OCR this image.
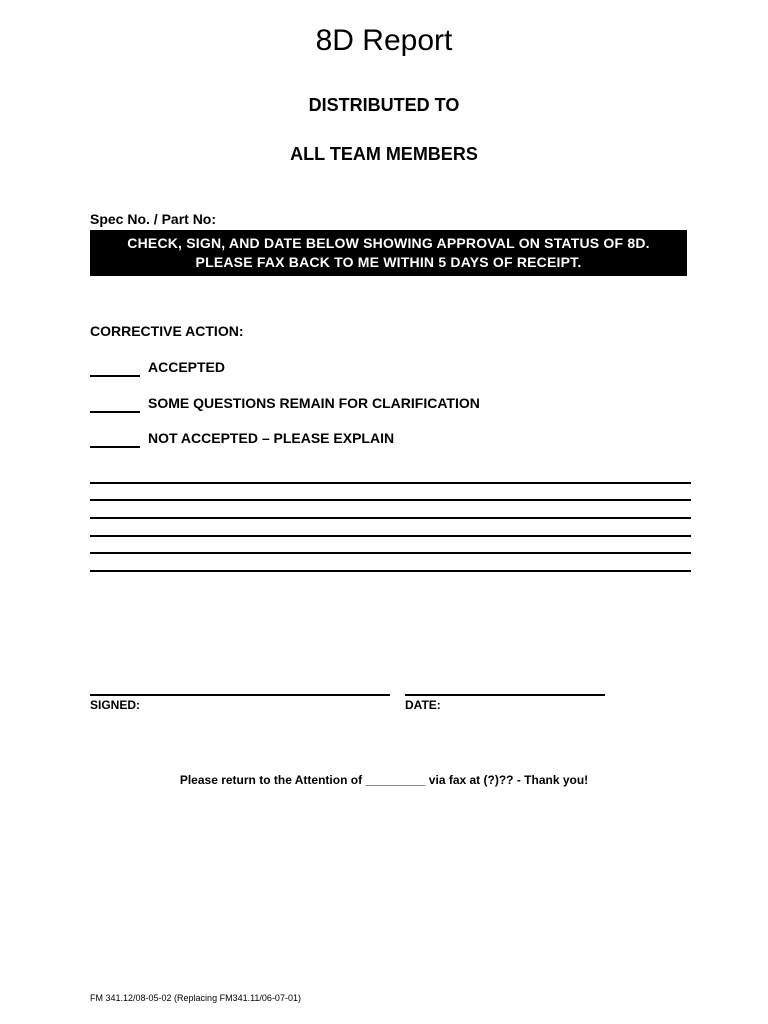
8D Report
DISTRIBUTED TO
ALL TEAM MEMBERS
Spec No. / Part No:
CHECK, SIGN, AND DATE BELOW SHOWING APPROVAL ON STATUS OF 8D.
PLEASE FAX BACK TO ME WITHIN 5 DAYS OF RECEIPT.
CORRECTIVE ACTION:
ACCEPTED
SOME QUESTIONS REMAIN FOR CLARIFICATION
NOT ACCEPTED – PLEASE EXPLAIN
SIGNED:	DATE:
Please return to the Attention of _________ via fax at (?)?? - Thank you!
FM 341.12/08-05-02 (Replacing FM341.11/06-07-01)
